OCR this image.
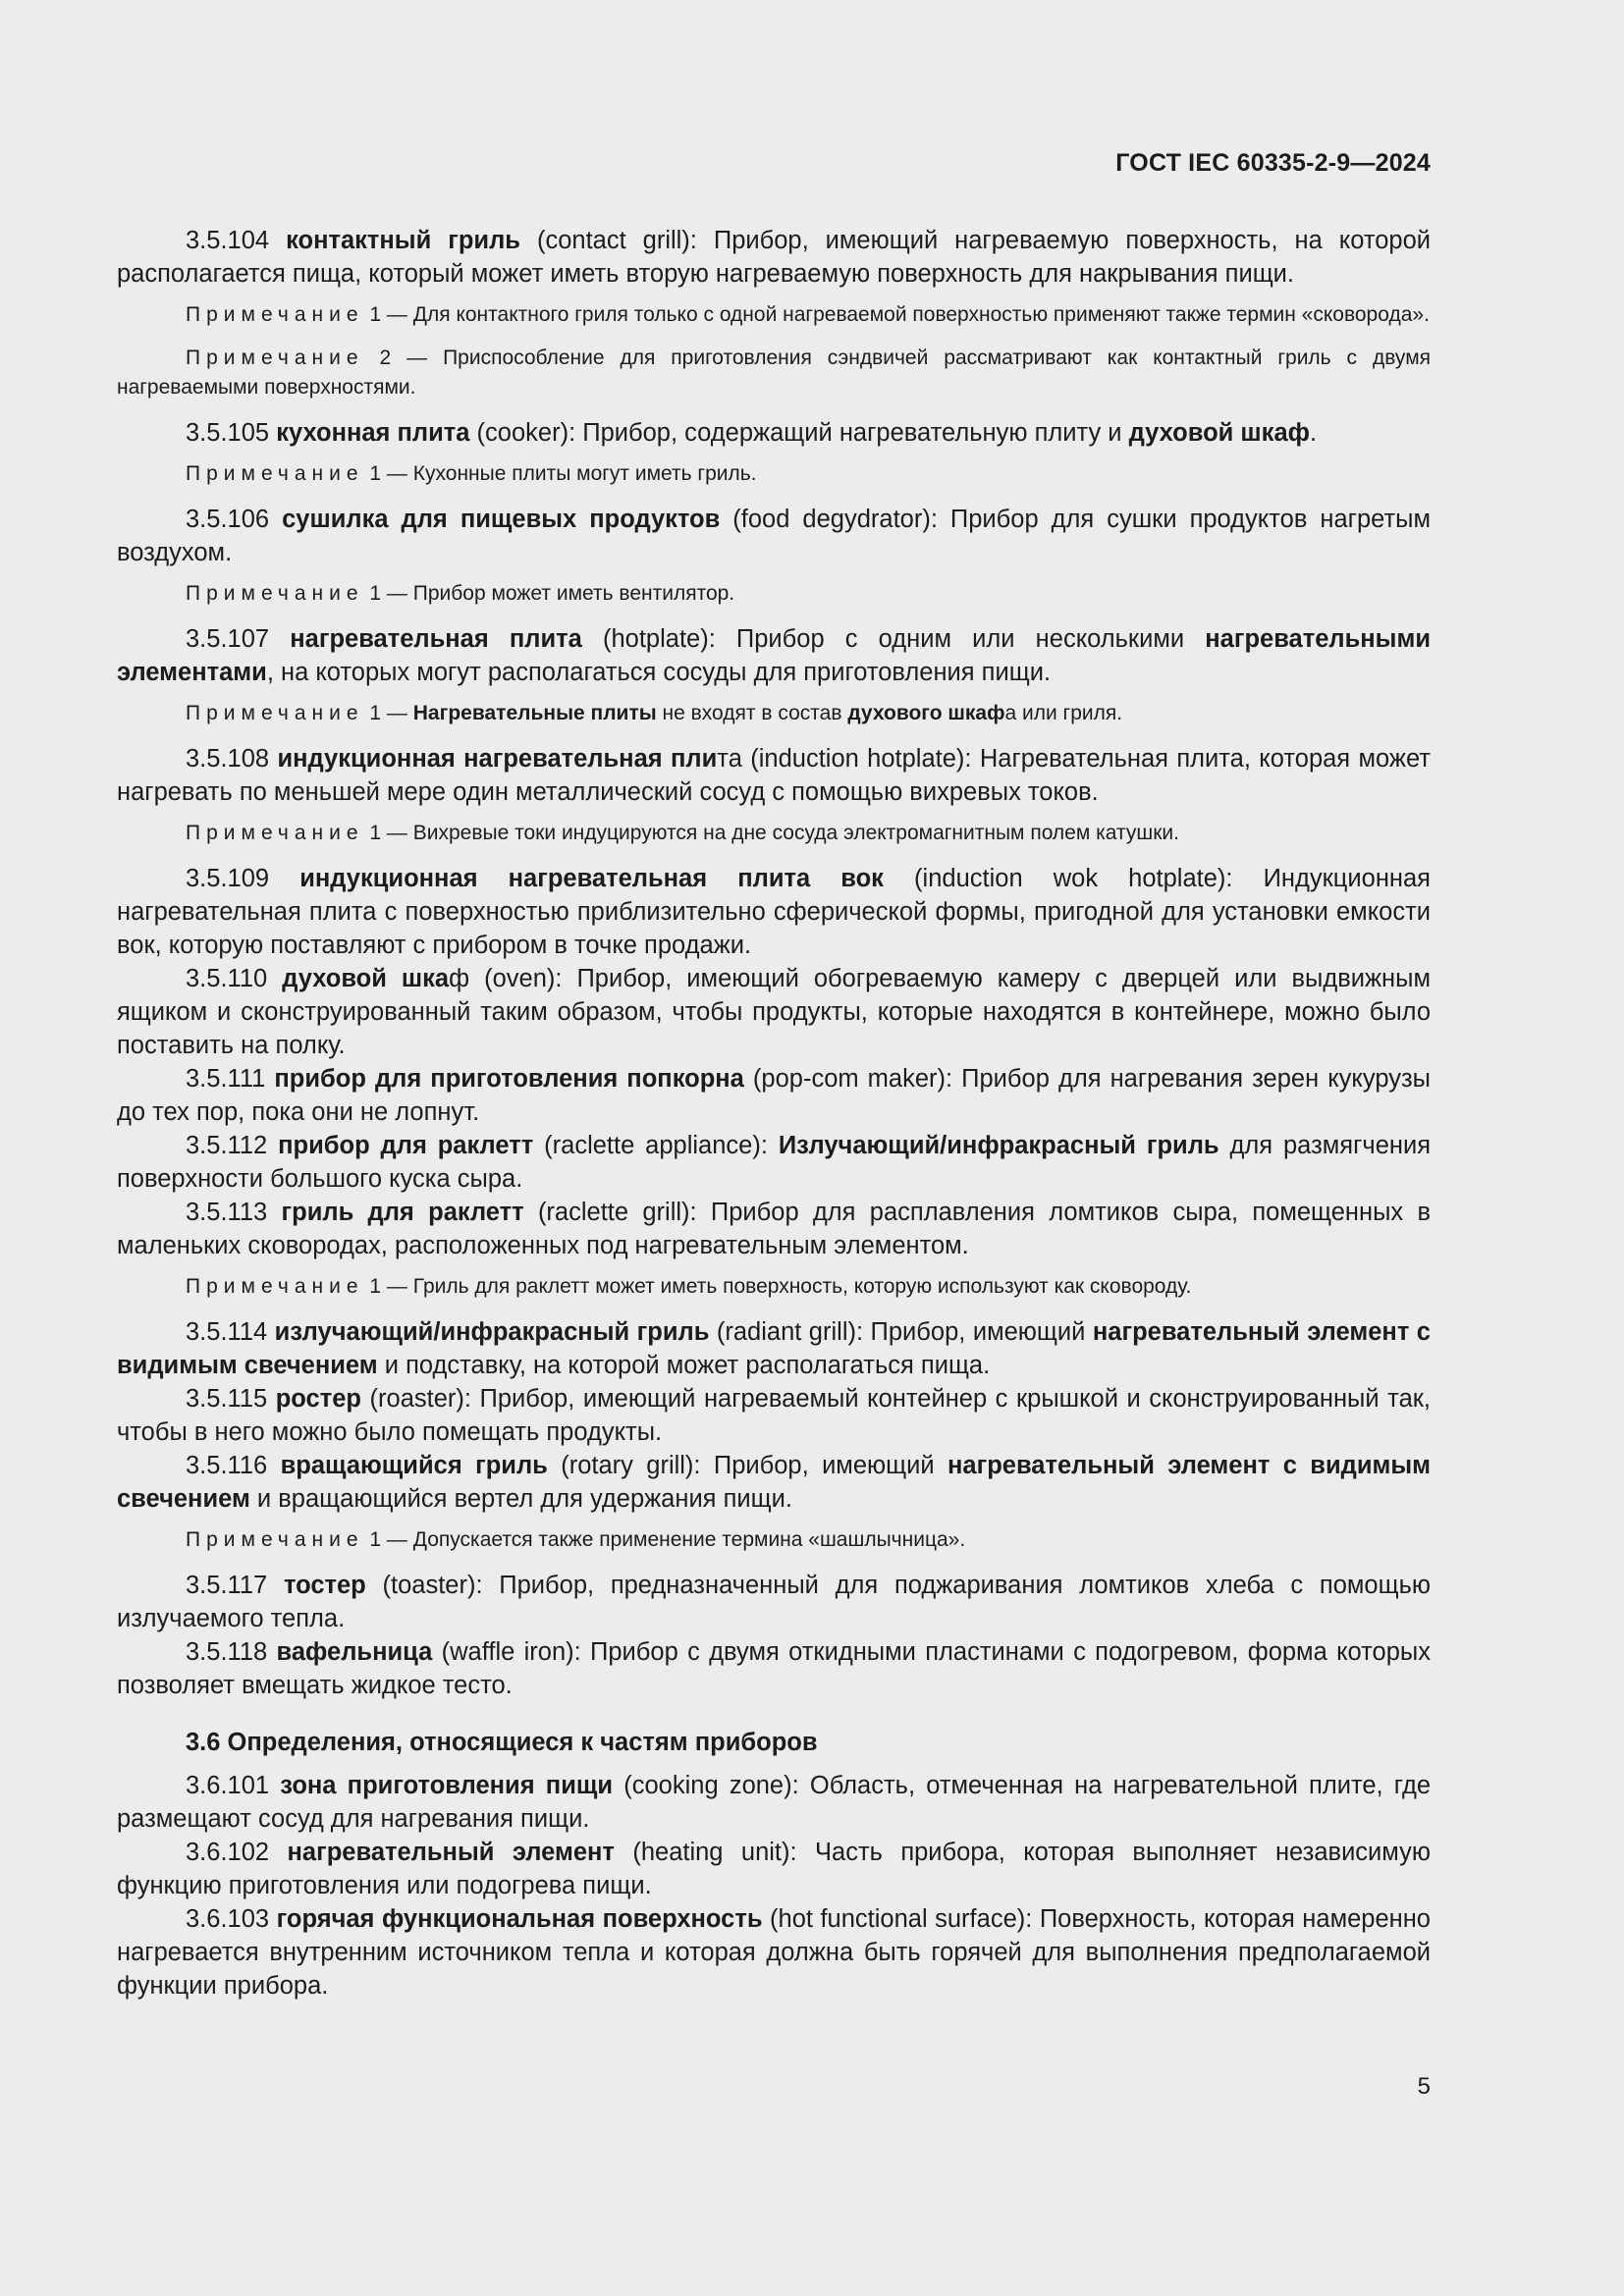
ГОСТ IEC 60335-2-9—2024

3.5.104 контактный гриль (contact grill): Прибор, имеющий нагреваемую поверхность, на которой располагается пища, который может иметь вторую нагреваемую поверхность для накрывания пищи.

Примечание 1 — Для контактного гриля только с одной нагреваемой поверхностью применяют также термин «сковорода».

Примечание 2 — Приспособление для приготовления сэндвичей рассматривают как контактный гриль с двумя нагреваемыми поверхностями.

3.5.105 кухонная плита (cooker): Прибор, содержащий нагревательную плиту и духовой шкаф.

Примечание 1 — Кухонные плиты могут иметь гриль.

3.5.106 сушилка для пищевых продуктов (food degydrator): Прибор для сушки продуктов нагретым воздухом.

Примечание 1 — Прибор может иметь вентилятор.

3.5.107 нагревательная плита (hotplate): Прибор с одним или несколькими нагревательными элементами, на которых могут располагаться сосуды для приготовления пищи.

Примечание 1 — Нагревательные плиты не входят в состав духового шкафа или гриля.

3.5.108 индукционная нагревательная плита (induction hotplate): Нагревательная плита, которая может нагревать по меньшей мере один металлический сосуд с помощью вихревых токов.

Примечание 1 — Вихревые токи индуцируются на дне сосуда электромагнитным полем катушки.

3.5.109 индукционная нагревательная плита вок (induction wok hotplate): Индукционная нагревательная плита с поверхностью приблизительно сферической формы, пригодной для установки емкости вок, которую поставляют с прибором в точке продажи.

3.5.110 духовой шкаф (oven): Прибор, имеющий обогреваемую камеру с дверцей или выдвижным ящиком и сконструированный таким образом, чтобы продукты, которые находятся в контейнере, можно было поставить на полку.

3.5.111 прибор для приготовления попкорна (pop-com maker): Прибор для нагревания зерен кукурузы до тех пор, пока они не лопнут.

3.5.112 прибор для раклетт (raclette appliance): Излучающий/инфракрасный гриль для размягчения поверхности большого куска сыра.

3.5.113 гриль для раклетт (raclette grill): Прибор для расплавления ломтиков сыра, помещенных в маленьких сковородах, расположенных под нагревательным элементом.

Примечание 1 — Гриль для раклетт может иметь поверхность, которую используют как сковороду.

3.5.114 излучающий/инфракрасный гриль (radiant grill): Прибор, имеющий нагревательный элемент с видимым свечением и подставку, на которой может располагаться пища.

3.5.115 ростер (roaster): Прибор, имеющий нагреваемый контейнер с крышкой и сконструированный так, чтобы в него можно было помещать продукты.

3.5.116 вращающийся гриль (rotary grill): Прибор, имеющий нагревательный элемент с видимым свечением и вращающийся вертел для удержания пищи.

Примечание 1 — Допускается также применение термина «шашлычница».

3.5.117 тостер (toaster): Прибор, предназначенный для поджаривания ломтиков хлеба с помощью излучаемого тепла.

3.5.118 вафельница (waffle iron): Прибор с двумя откидными пластинами с подогревом, форма которых позволяет вмещать жидкое тесто.

3.6 Определения, относящиеся к частям приборов

3.6.101 зона приготовления пищи (cooking zone): Область, отмеченная на нагревательной плите, где размещают сосуд для нагревания пищи.

3.6.102 нагревательный элемент (heating unit): Часть прибора, которая выполняет независимую функцию приготовления или подогрева пищи.

3.6.103 горячая функциональная поверхность (hot functional surface): Поверхность, которая намеренно нагревается внутренним источником тепла и которая должна быть горячей для выполнения предполагаемой функции прибора.

5
